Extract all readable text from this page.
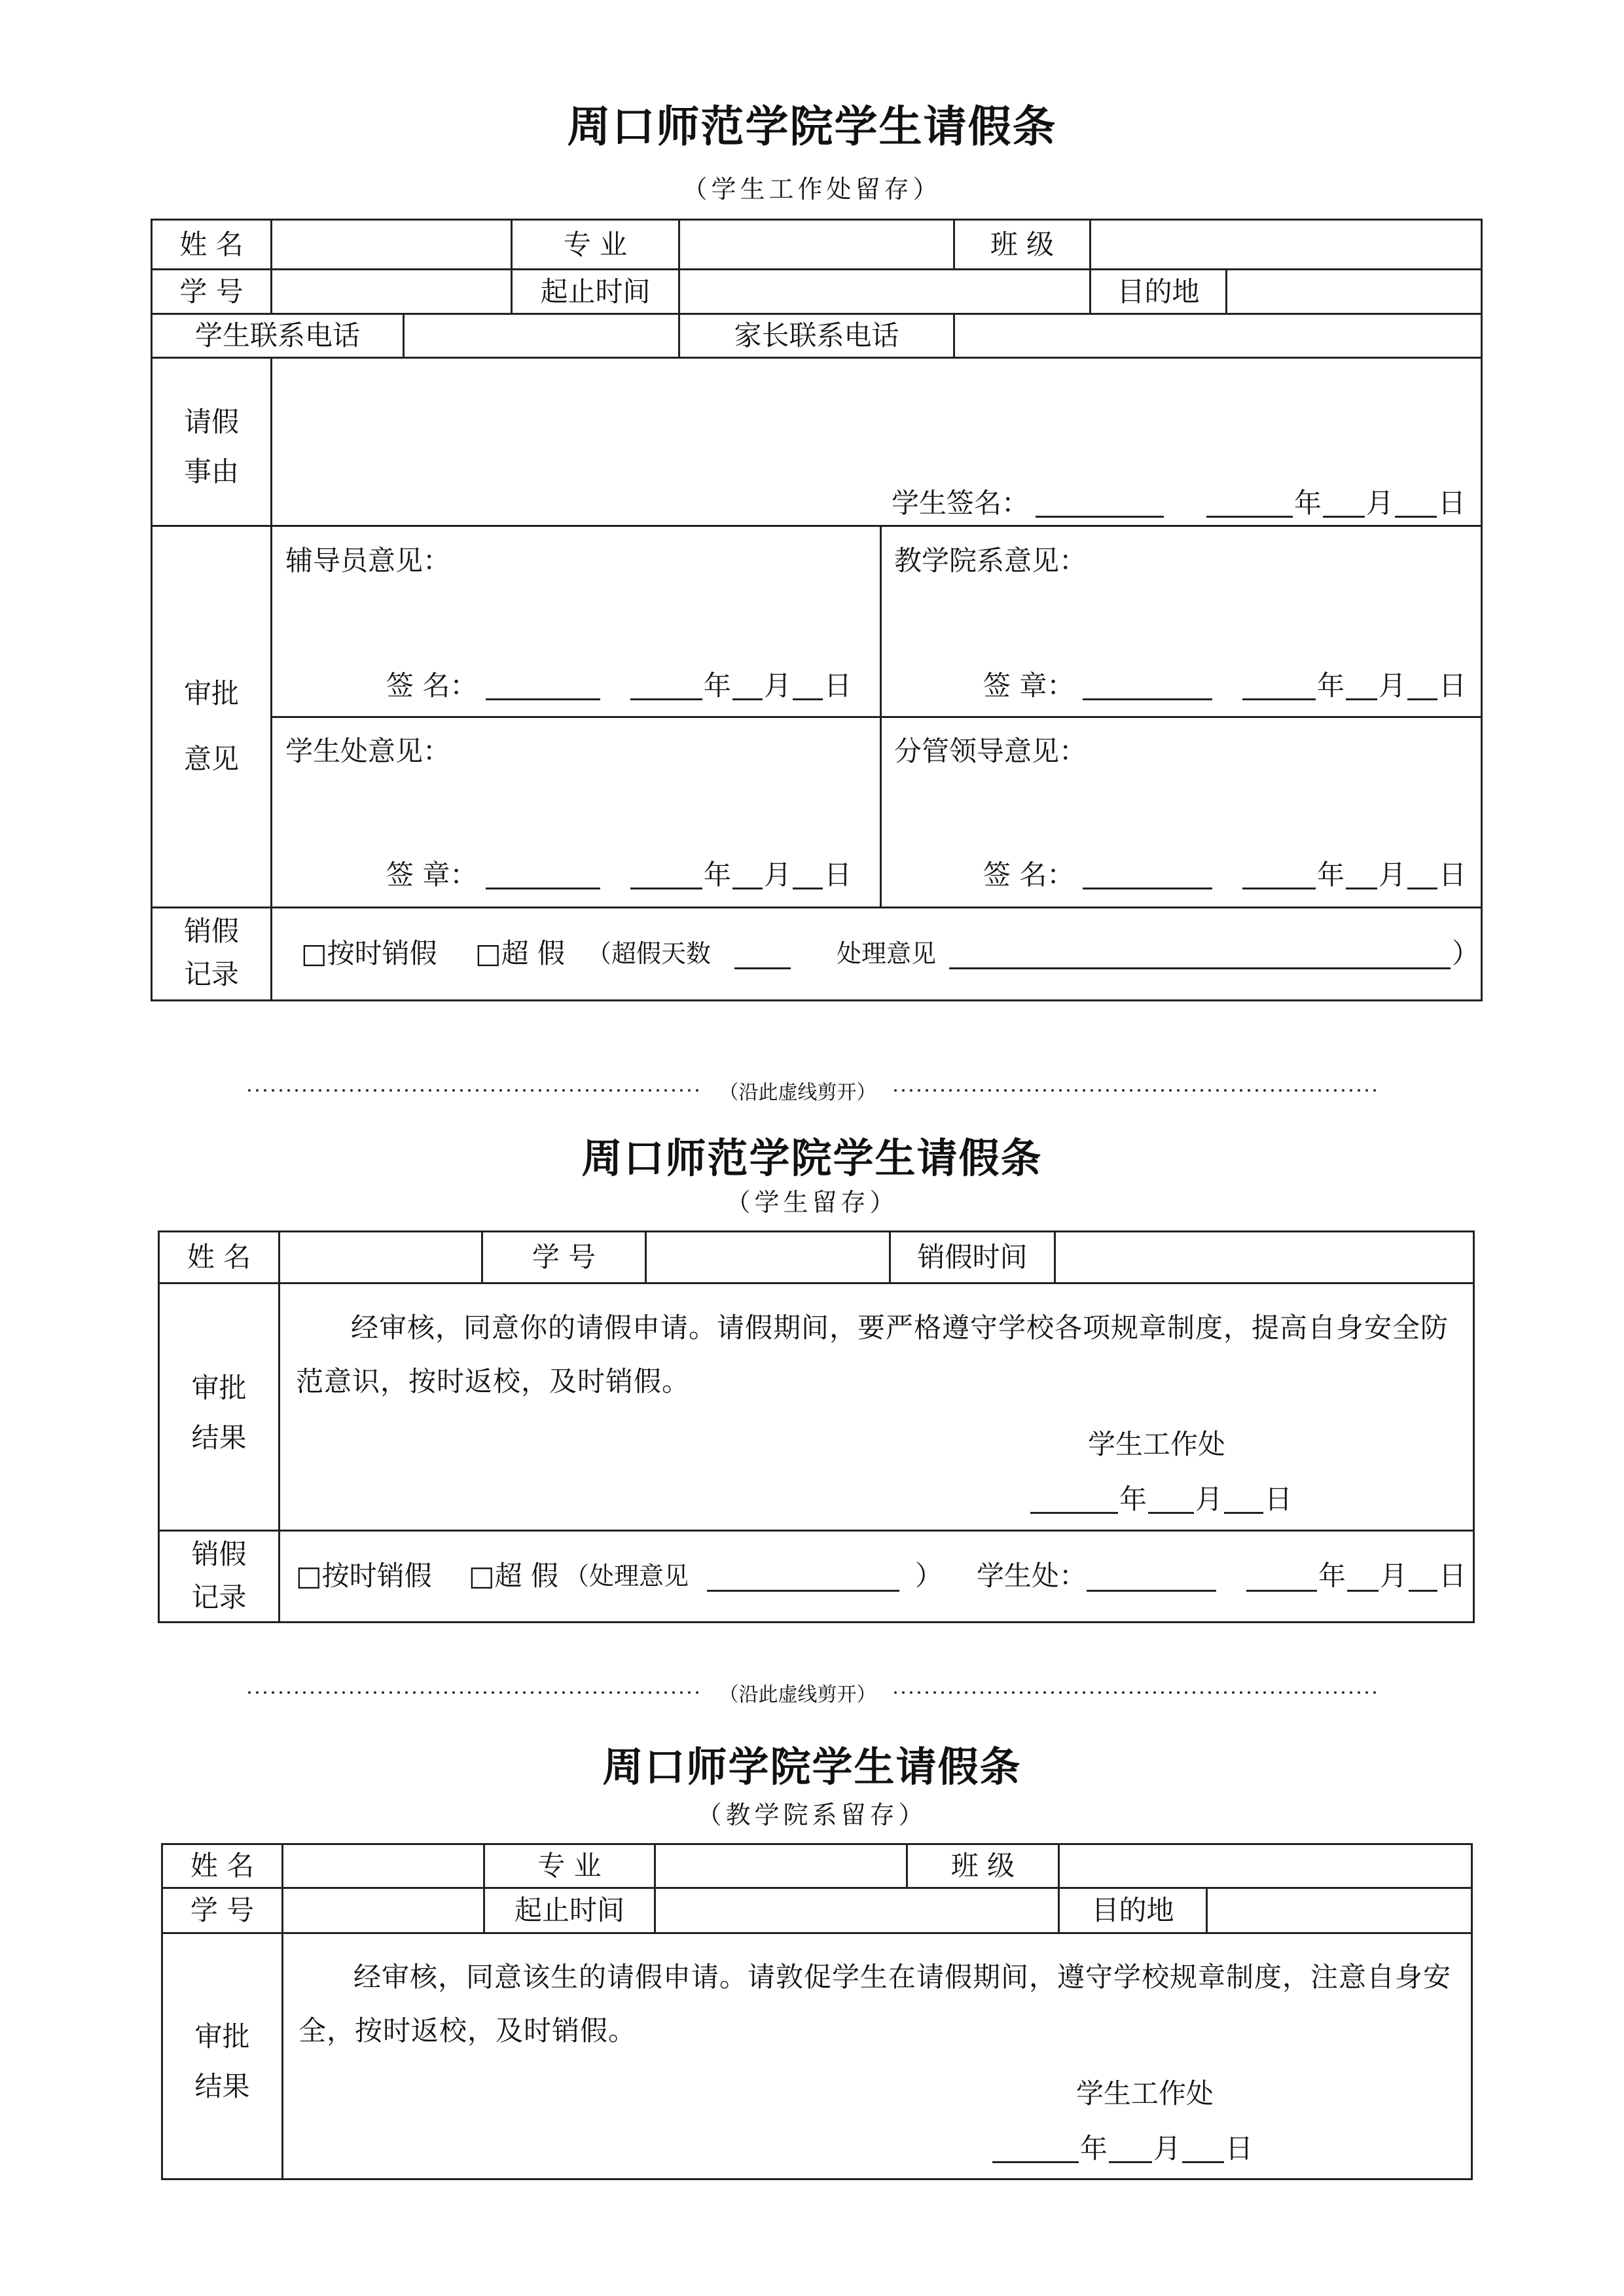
周口师范学院学生请假条
（学生工作处留存）
姓 名	专 业	班 级
学 号	起止时间	目的地
学生联系电话	家长联系电话
请假
事由
学生签名：	年 月 日
审批
意见
辅导员意见：
签 名：	年 月 日
教学院系意见：
签 章：	年 月 日
学生处意见：
签 章：	年 月 日
分管领导意见：
签 名：	年 月 日
销假
记录
□按时销假 □超 假 （超假天数	处理意见	）
（沿此虚线剪开）
周口师范学院学生请假条
（学生留存）
姓 名	学 号	销假时间
审批
结果
经审核，同意你的请假申请。请假期间，要严格遵守学校各项规章制度，提高自身安全防范意识，按时返校，及时销假。
学生工作处
年 月 日
销假
记录
□按时销假 □超 假 （处理意见	） 学生处：	年 月 日
（沿此虚线剪开）
周口师学院学生请假条
（教学院系留存）
姓 名	专 业	班 级
学 号	起止时间	目的地
审批
结果
经审核，同意该生的请假申请。请敦促学生在请假期间，遵守学校规章制度，注意自身安全，按时返校，及时销假。
学生工作处
年 月 日
